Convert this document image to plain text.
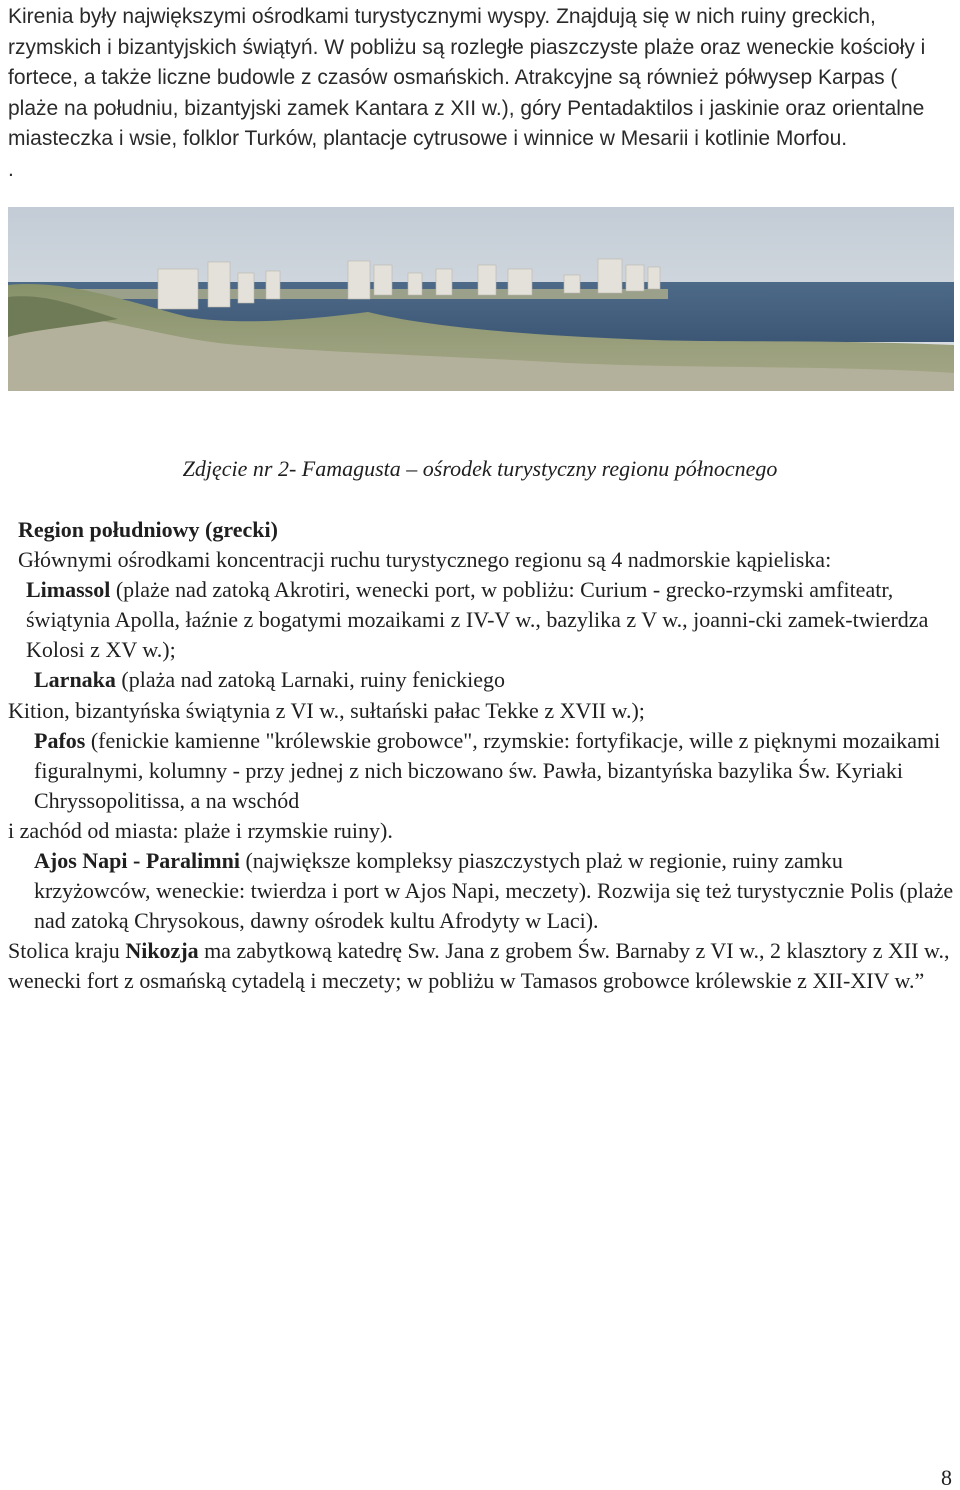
Kirenia były największymi ośrodkami turystycznymi wyspy. Znajdują się w nich ruiny greckich, rzymskich i bizantyjskich świątyń. W pobliżu są rozległe piaszczyste plaże oraz weneckie kościoły i fortece, a także liczne budowle z czasów osmańskich. Atrakcyjne są również półwysep Karpas ( plaże na południu, bizantyjski zamek Kantara z XII w.), góry Pentadaktilos i jaskinie oraz orientalne miasteczka i wsie, folklor Turków, plantacje cytrusowe i winnice w Mesarii i kotlinie Morfou.

.

Zdjęcie nr 2- Famagusta – ośrodek turystyczny regionu północnego

Region południowy (grecki)

Głównymi ośrodkami koncentracji ruchu turystycznego regionu są 4 nadmorskie kąpieliska:

Limassol (plaże nad zatoką Akrotiri, wenecki port, w pobliżu: Curium - grecko-rzymski amfiteatr, świątynia Apolla, łaźnie z bogatymi mozaikami z IV-V w., bazylika z V w., joanni-cki zamek-twierdza Kolosi z XV w.);

Larnaka (plaża nad zatoką Larnaki, ruiny fenickiego

Kition, bizantyńska świątynia z VI w., sułtański pałac Tekke z XVII w.);

Pafos (fenickie kamienne "królewskie grobowce", rzymskie: fortyfikacje, wille z pięknymi mozaikami figuralnymi, kolumny - przy jednej z nich biczowano św. Pawła, bizantyńska bazylika Św. Kyriaki Chryssopolitissa, a na wschód

i zachód od miasta: plaże i rzymskie ruiny).

Ajos Napi - Paralimni (największe kompleksy piaszczystych plaż w regionie, ruiny zamku krzyżowców, weneckie: twierdza i port w Ajos Napi, meczety). Rozwija się też turystycznie Polis (plaże nad zatoką Chrysokous, dawny ośrodek kultu Afrodyty w Laci).

Stolica kraju Nikozja ma zabytkową katedrę Sw. Jana z grobem Św. Barnaby z VI w., 2 klasztory z XII w., wenecki fort z osmańską cytadelą i meczety; w pobliżu w Tamasos grobowce królewskie z XII-XIV w.”

8
